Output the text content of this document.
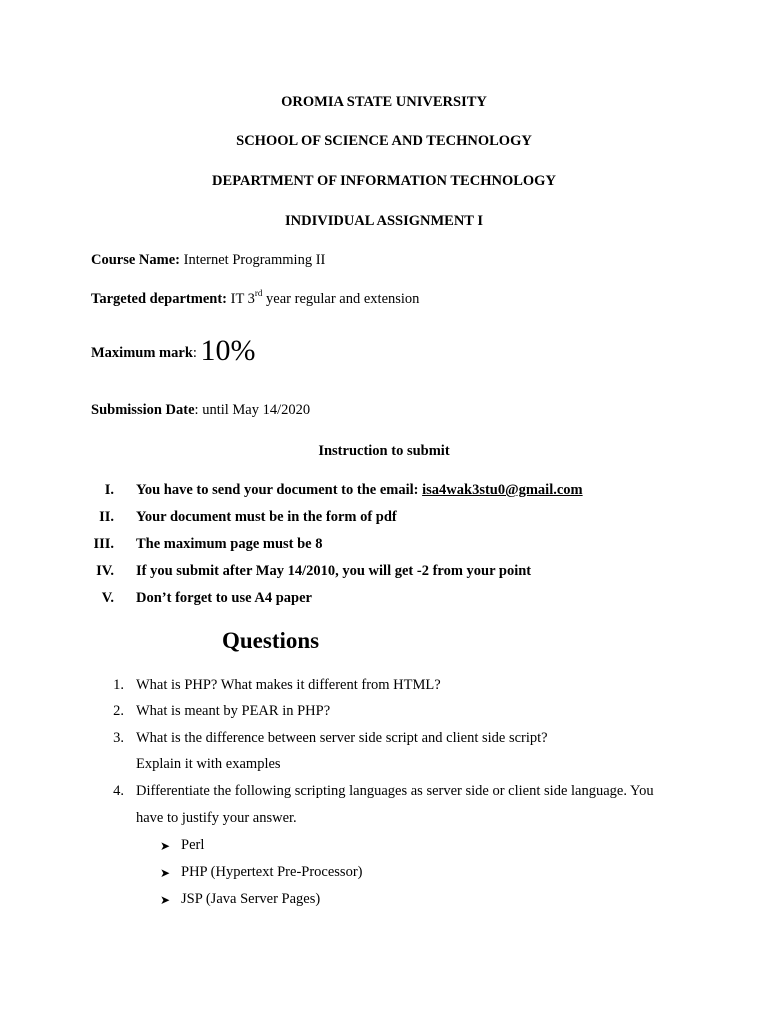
OROMIA STATE UNIVERSITY
SCHOOL OF SCIENCE AND TECHNOLOGY
DEPARTMENT OF INFORMATION TECHNOLOGY
INDIVIDUAL ASSIGNMENT I
Course Name: Internet Programming II
Targeted department: IT 3rd year regular and extension
Maximum mark: 10%
Submission Date: until May 14/2020
Instruction to submit
I. You have to send your document to the email: isa4wak3stu0@gmail.com
II. Your document must be in the form of pdf
III. The maximum page must be 8
IV. If you submit after May 14/2010, you will get -2 from your point
V. Don’t forget to use A4 paper
Questions
1. What is PHP? What makes it different from HTML?
2. What is meant by PEAR in PHP?
3. What is the difference between server side script and client side script?
Explain it with examples
4. Differentiate the following scripting languages as server side or client side language. You
have to justify your answer.
➤ Perl
➤ PHP (Hypertext Pre-Processor)
➤ JSP (Java Server Pages)
